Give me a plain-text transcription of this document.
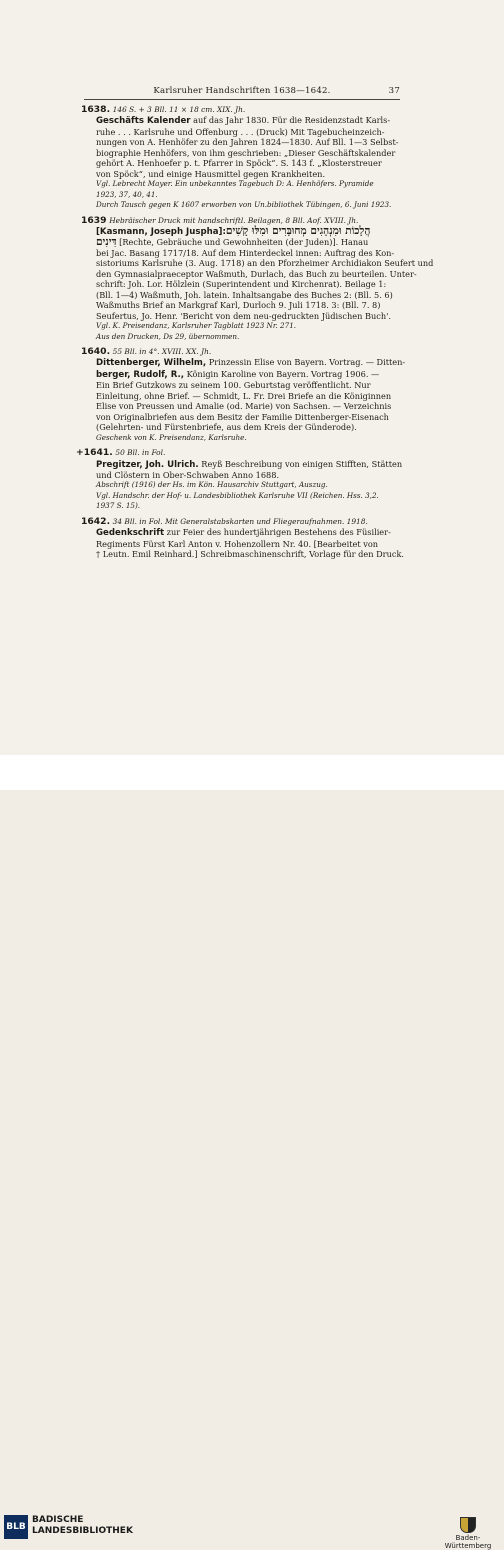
Karlsruher Handschriften 1638—1642.	37
1638. 146 S. + 3 Bll. 11 × 18 cm. XIX. Jh.
Geschäfts Kalender auf das Jahr 1830. Für die Residenzstadt Karls-
ruhe . . . Karlsruhe und Offenburg . . . (Druck) Mit Tagebucheinzeich-
nungen von A. Henhöfer zu den Jahren 1824—1830. Auf Bll. 1—3 Selbst-
biographie Henhöfers, von ihm geschrieben: „Dieser Geschäftskalender
gehört A. Henhoefer p. t. Pfarrer in Spöck“. S. 143 f. „Klosterstreuer
von Spöck“, und einige Hausmittel gegen Krankheiten.
Vgl. Lebrecht Mayer. Ein unbekanntes Tagebuch D: A. Henhöfers. Pyramide
1923, 37, 40, 41.
Durch Tausch gegen K 1607 erworben von Un.bibliothek Tübingen, 6. Juni 1923.
1639 Hebräischer Druck mit handschriftl. Beilagen, 8 Bll. Aof. XVIII. Jh.
[Kasmann, Joseph Juspha]: הֲלָכוֹת וּמִנְהָגִים מְחוּבָּרִים וּמִלּוּ קָשִׁים
דִּינִים [Rechte, Gebräuche und Gewohnheiten (der Juden)]. Hanau
bei Jac. Basang 1717/18. Auf dem Hinterdeckel innen: Auftrag des Kon-
sistoriums Karlsruhe (3. Aug. 1718) an den Pforzheimer Archidiakon Seufert und
den Gymnasialpraeceptor Waßmuth, Durlach, das Buch zu beurteilen. Unter-
schrift: Joh. Lor. Hölzlein (Superintendent und Kirchenrat). Beilage 1:
(Bll. 1—4) Waßmuth, Joh. latein. Inhaltsangabe des Buches 2: (Bll. 5. 6)
Waßmuths Brief an Markgraf Karl, Durloch 9. Juli 1718. 3: (Bll. 7. 8)
Seufertus, Jo. Henr. 'Bericht von dem neu-gedruckten Jüdischen Buch'.
Vgl. K. Preisendanz, Karlsruher Tagblatt 1923 Nr. 271.
Aus den Drucken, Ds 29, übernommen.
1640. 55 Bll. in 4°. XVIII. XX. Jh.
Dittenberger, Wilhelm, Prinzessin Elise von Bayern. Vortrag. — Ditten-
berger, Rudolf, R., Königin Karoline von Bayern. Vortrag 1906. —
Ein Brief Gutzkows zu seinem 100. Geburtstag veröffentlicht. Nur
Einleitung, ohne Brief. — Schmidt, L. Fr. Drei Briefe an die Königinnen
Elise von Preussen und Amalie (od. Marie) von Sachsen. — Verzeichnis
von Originalbriefen aus dem Besitz der Familie Dittenberger-Eisenach
(Gelehrten- und Fürstenbriefe, aus dem Kreis der Günderode).
Geschenk von K. Preisendanz, Karlsruhe.
+1641. 50 Bll. in Fol.
Pregitzer, Joh. Ulrich. Reyß Beschreibung von einigen Stifften, Stätten
und Clöstern in Ober-Schwaben Anno 1688.
Abschrift (1916) der Hs. im Kön. Hausarchiv Stuttgart, Auszug.
Vgl. Handschr. der Hof- u. Landesbibliothek Karlsruhe VII (Reichen. Hss. 3,2.
1937 S. 15).
1642. 34 Bll. in Fol. Mit Generalstabskarten und Fliegeraufnahmen. 1918.
Gedenkschrift zur Feier des hundertjährigen Bestehens des Füsilier-
Regiments Fürst Karl Anton v. Hohenzollern Nr. 40. [Bearbeitet von
† Leutn. Emil Reinhard.] Schreibmaschinenschrift, Vorlage für den Druck.
BLB
BADISCHE
LANDESBIBLIOTHEK
Baden-Württemberg
